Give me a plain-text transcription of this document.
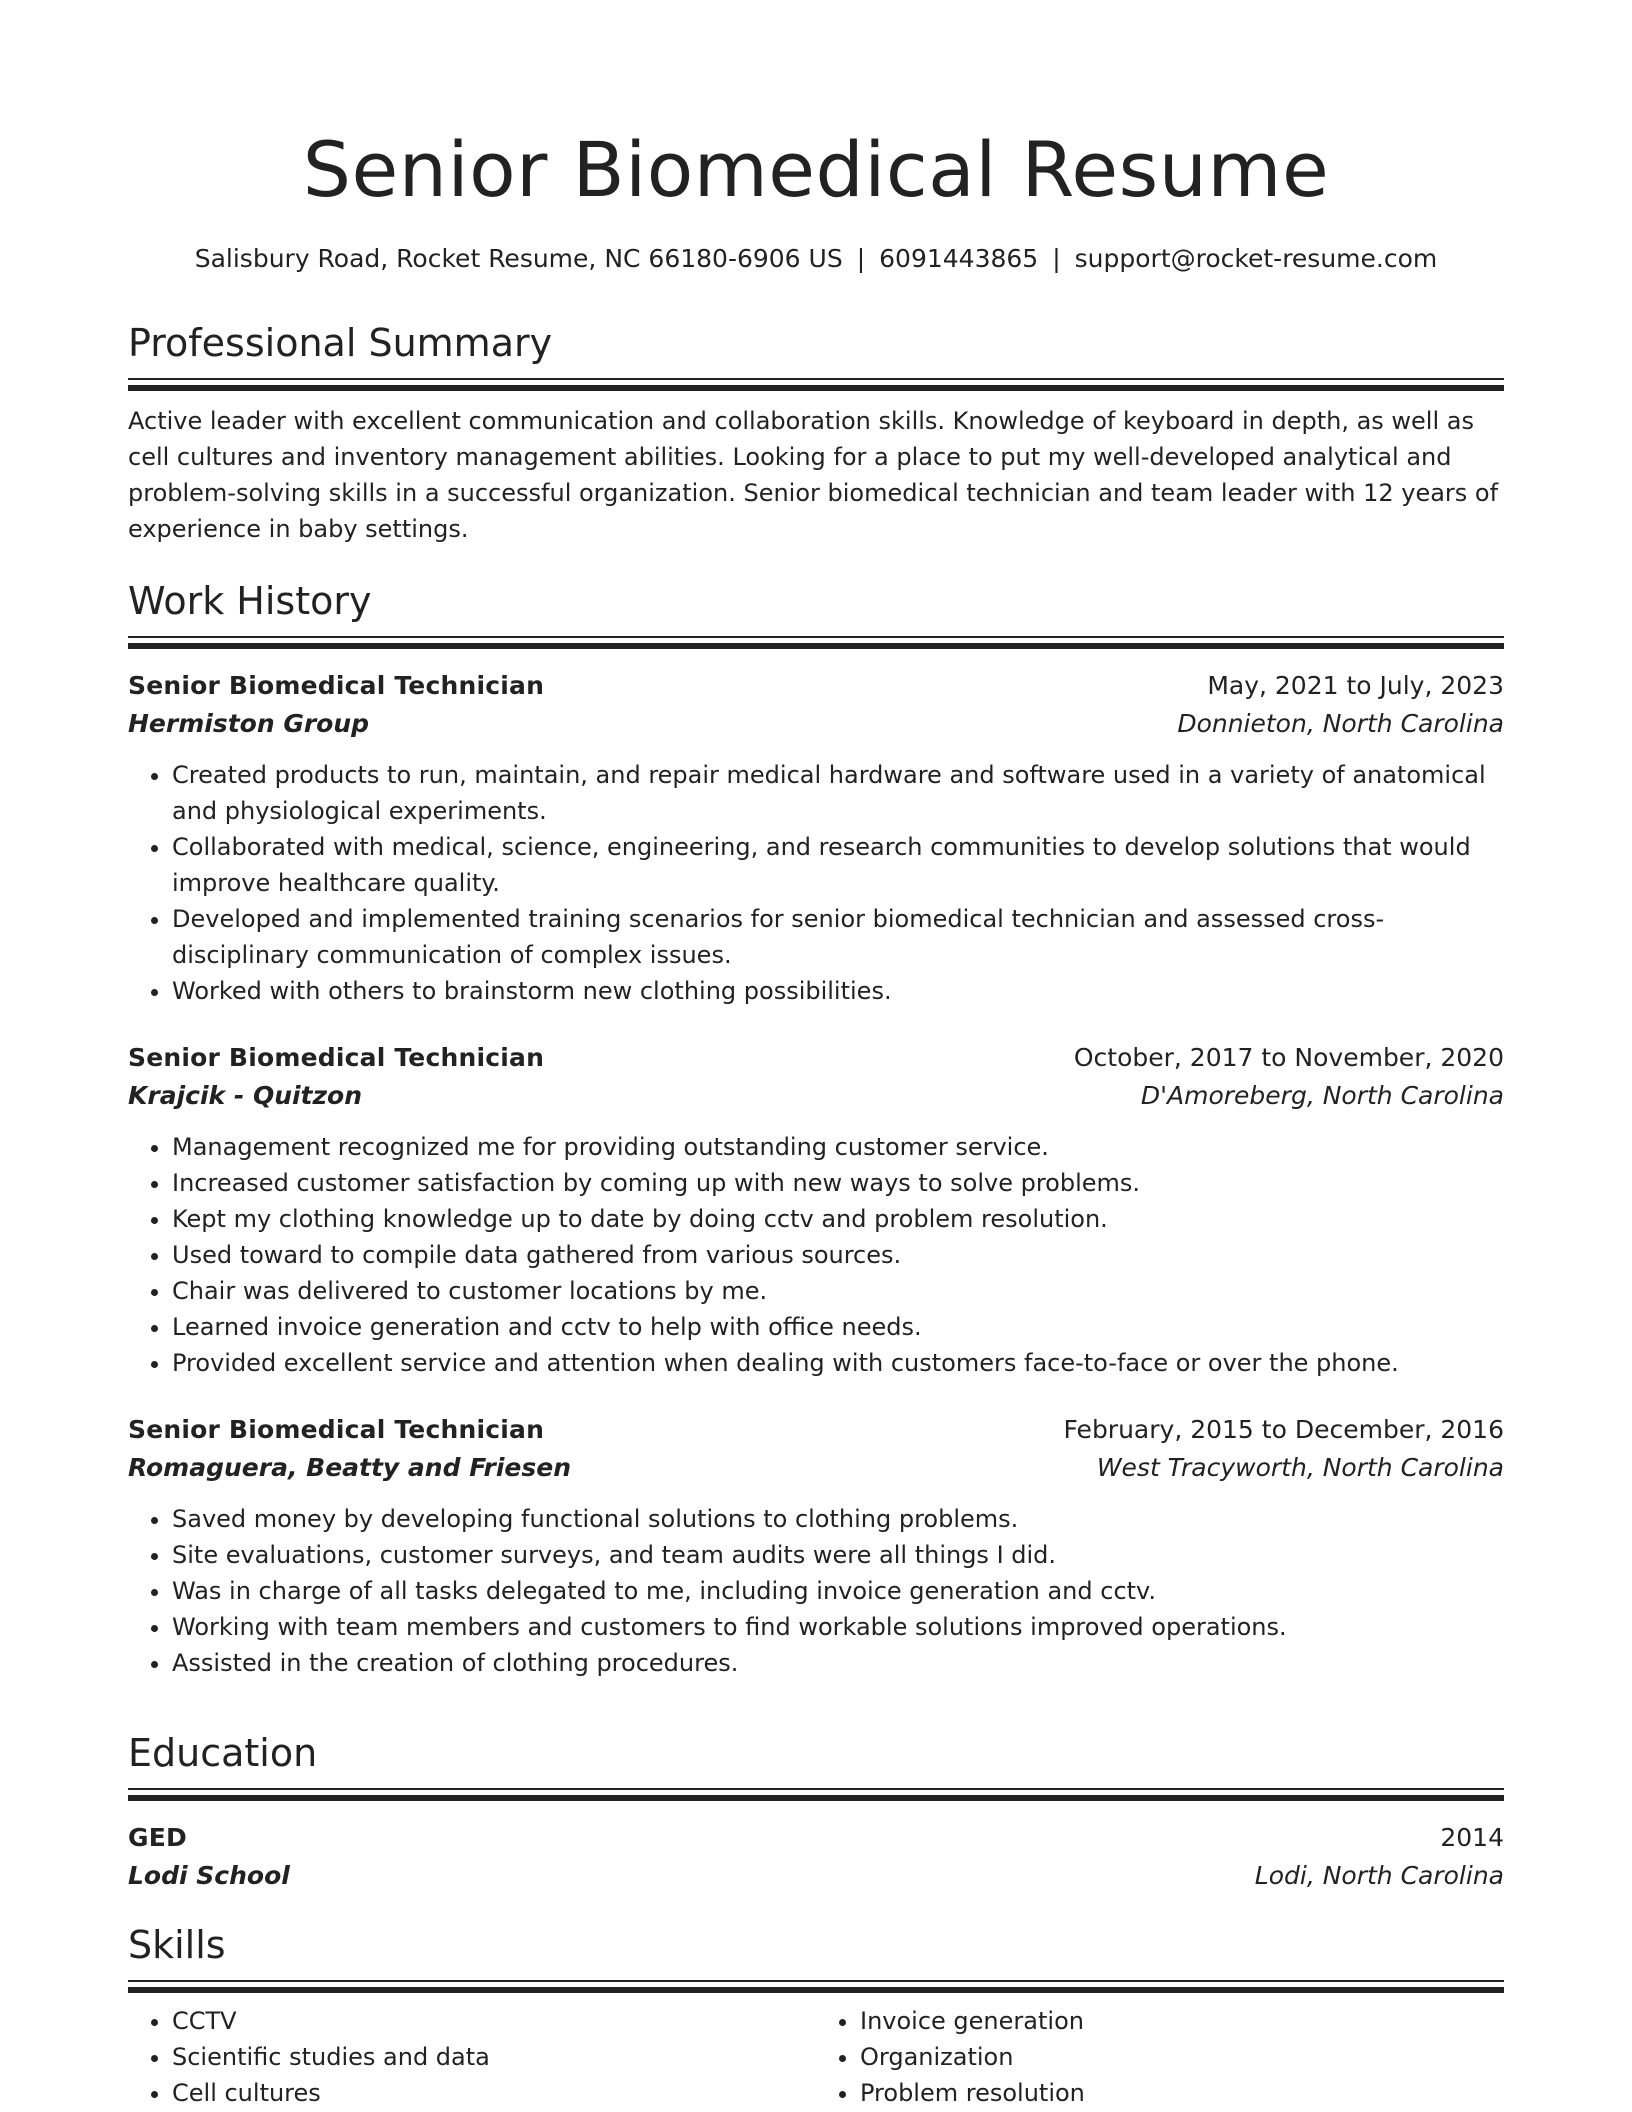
Senior Biomedical Resume
Salisbury Road, Rocket Resume, NC 66180-6906 US | 6091443865 | support@rocket-resume.com
Professional Summary
Active leader with excellent communication and collaboration skills. Knowledge of keyboard in depth, as well as cell cultures and inventory management abilities. Looking for a place to put my well-developed analytical and problem-solving skills in a successful organization. Senior biomedical technician and team leader with 12 years of experience in baby settings.
Work History
Senior Biomedical Technician	May, 2021 to July, 2023
Hermiston Group	Donnieton, North Carolina
• Created products to run, maintain, and repair medical hardware and software used in a variety of anatomical and physiological experiments.
• Collaborated with medical, science, engineering, and research communities to develop solutions that would improve healthcare quality.
• Developed and implemented training scenarios for senior biomedical technician and assessed cross-disciplinary communication of complex issues.
• Worked with others to brainstorm new clothing possibilities.
Senior Biomedical Technician	October, 2017 to November, 2020
Krajcik - Quitzon	D'Amoreberg, North Carolina
• Management recognized me for providing outstanding customer service.
• Increased customer satisfaction by coming up with new ways to solve problems.
• Kept my clothing knowledge up to date by doing cctv and problem resolution.
• Used toward to compile data gathered from various sources.
• Chair was delivered to customer locations by me.
• Learned invoice generation and cctv to help with office needs.
• Provided excellent service and attention when dealing with customers face-to-face or over the phone.
Senior Biomedical Technician	February, 2015 to December, 2016
Romaguera, Beatty and Friesen	West Tracyworth, North Carolina
• Saved money by developing functional solutions to clothing problems.
• Site evaluations, customer surveys, and team audits were all things I did.
• Was in charge of all tasks delegated to me, including invoice generation and cctv.
• Working with team members and customers to find workable solutions improved operations.
• Assisted in the creation of clothing procedures.
Education
GED	2014
Lodi School	Lodi, North Carolina
Skills
• CCTV
• Scientific studies and data
• Cell cultures
• Invoice generation
• Organization
• Problem resolution
